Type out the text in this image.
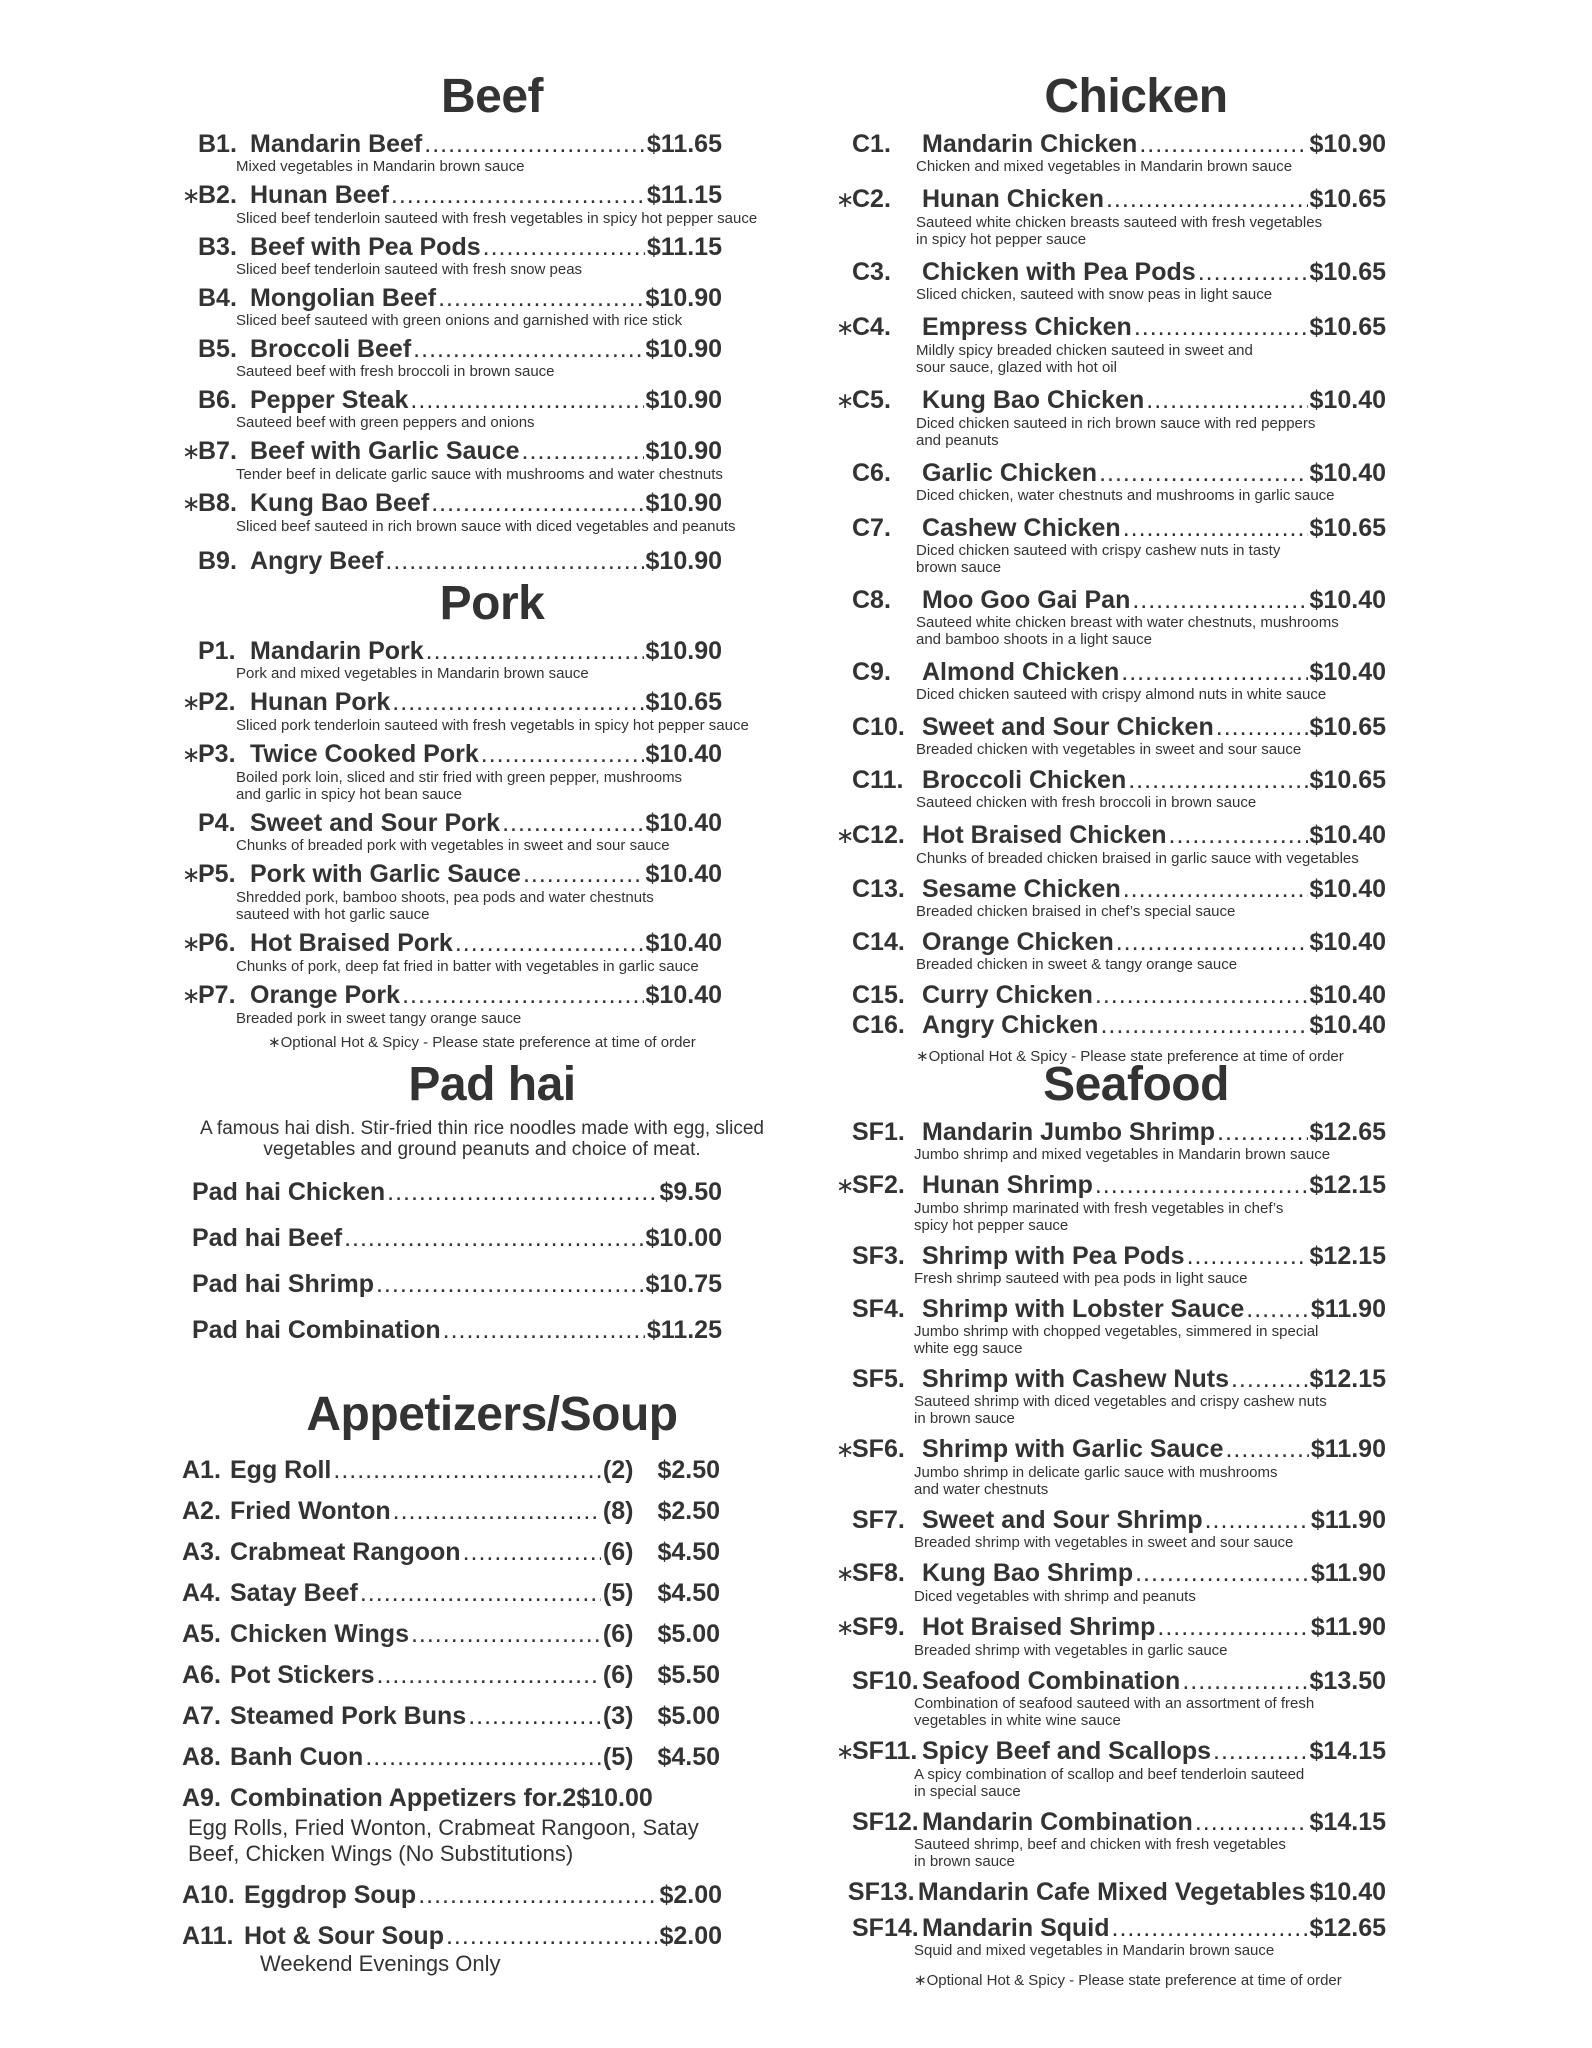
Beef
B1. Mandarin Beef .....	$11.65
Mixed vegetables in Mandarin brown sauce
∗
B2. Hunan Beef .....	$11.15
Sliced beef tenderloin sauteed with fresh vegetables in spicy hot pepper sauce
B3. Beef with Pea Pods .....	$11.15
Sliced beef tenderloin sauteed with fresh snow peas
B4. Mongolian Beef .....	$10.90
Sliced beef sauteed with green onions and garnished with rice stick
B5. Broccoli Beef .....	$10.90
Sauteed beef with fresh broccoli in brown sauce
B6. Pepper Steak .....	$10.90
Sauteed beef with green peppers and onions
∗
B7. Beef with Garlic Sauce .....	$10.90
Tender beef in delicate garlic sauce with mushrooms and water chestnuts
∗
B8. Kung Bao Beef .....	$10.90
Sliced beef sauteed in rich brown sauce with diced vegetables and peanuts
B9. Angry Beef .....	$10.90
Pork
P1. Mandarin Pork .....	$10.90
Pork and mixed vegetables in Mandarin brown sauce
∗
P2. Hunan Pork .....	$10.65
Sliced pork tenderloin sauteed with fresh vegetabls in spicy hot pepper sauce
∗
P3. Twice Cooked Pork .....	$10.40
Boiled pork loin, sliced and stir fried with green pepper, mushrooms
and garlic in spicy hot bean sauce
P4. Sweet and Sour Pork .....	$10.40
Chunks of breaded pork with vegetables in sweet and sour sauce
∗
P5. Pork with Garlic Sauce .....	$10.40
Shredded pork, bamboo shoots, pea pods and water chestnuts
sauteed with hot garlic sauce
∗
P6. Hot Braised Pork .....	$10.40
Chunks of pork, deep fat fried in batter with vegetables in garlic sauce
∗
P7. Orange Pork .....	$10.40
Breaded pork in sweet tangy orange sauce
∗Optional Hot & Spicy - Please state preference at time of order
Chicken
C1.	Mandarin Chicken .....	$10.90
Chicken and mixed vegetables in Mandarin brown sauce
∗
C2.	Hunan Chicken .....	$10.65
Sauteed white chicken breasts sauteed with fresh vegetables
in spicy hot pepper sauce
C3.	Chicken with Pea Pods .....	$10.65
Sliced chicken, sauteed with snow peas in light sauce
∗
C4.	Empress Chicken .....	$10.65
Mildly spicy breaded chicken sauteed in sweet and
sour sauce, glazed with hot oil
∗
C5.	Kung Bao Chicken .....	$10.40
Diced chicken sauteed in rich brown sauce with red peppers
and peanuts
C6.	Garlic Chicken .....	$10.40
Diced chicken, water chestnuts and mushrooms in garlic sauce
C7.	Cashew Chicken .....	$10.65
Diced chicken sauteed with crispy cashew nuts in tasty
brown sauce
C8.	Moo Goo Gai Pan .....	$10.40
Sauteed white chicken breast with water chestnuts, mushrooms
and bamboo shoots in a light sauce
C9.	Almond Chicken .....	$10.40
Diced chicken sauteed with crispy almond nuts in white sauce
C10. Sweet and Sour Chicken .....	$10.65
Breaded chicken with vegetables in sweet and sour sauce
C11. Broccoli Chicken .....	$10.65
Sauteed chicken with fresh broccoli in brown sauce
∗
C12. Hot Braised Chicken .....	$10.40
Chunks of breaded chicken braised in garlic sauce with vegetables
C13. Sesame Chicken .....	$10.40
Breaded chicken braised in chef’s special sauce
C14. Orange Chicken .....	$10.40
Breaded chicken in sweet & tangy orange sauce
C15. Curry Chicken .....	$10.40
C16. Angry Chicken .....	$10.40
∗Optional Hot & Spicy - Please state preference at time of order
Pad hai
A famous hai dish. Stir-fried thin rice noodles made with egg, sliced vegetables and ground peanuts and choice of meat.
Pad hai Chicken .....	$9.50
Pad hai Beef .....	$10.00
Pad hai Shrimp .....	$10.75
Pad hai Combination .....	$11.25
Appetizers/Soup
A1. Egg Roll .....	(2) $2.50
A2. Fried Wonton .....	(8) $2.50
A3. Crabmeat Rangoon .....	(6) $4.50
A4. Satay Beef .....	(5) $4.50
A5. Chicken Wings .....	(6) $5.00
A6. Pot Stickers .....	(6) $5.50
A7. Steamed Pork Buns .....	(3) $5.00
A8. Banh Cuon .....	(5) $4.50
A9. Combination Appetizers for.2 $10.00
Egg Rolls, Fried Wonton, Crabmeat Rangoon, Satay
Beef, Chicken Wings (No Substitutions)
A10. Eggdrop Soup .....	$2.00
A11. Hot & Sour Soup .....	$2.00
Weekend Evenings Only
Seafood
SF1. Mandarin Jumbo Shrimp .....	$12.65
Jumbo shrimp and mixed vegetables in Mandarin brown sauce
∗
SF2. Hunan Shrimp .....	$12.15
Jumbo shrimp marinated with fresh vegetables in chef’s
spicy hot pepper sauce
SF3. Shrimp with Pea Pods .....	$12.15
Fresh shrimp sauteed with pea pods in light sauce
SF4. Shrimp with Lobster Sauce .....	$11.90
Jumbo shrimp with chopped vegetables, simmered in special
white egg sauce
SF5. Shrimp with Cashew Nuts .....	$12.15
Sauteed shrimp with diced vegetables and crispy cashew nuts
in brown sauce
∗
SF6. Shrimp with Garlic Sauce .....	$11.90
Jumbo shrimp in delicate garlic sauce with mushrooms
and water chestnuts
SF7. Sweet and Sour Shrimp .....	$11.90
Breaded shrimp with vegetables in sweet and sour sauce
∗
SF8. Kung Bao Shrimp .....	$11.90
Diced vegetables with shrimp and peanuts
∗
SF9. Hot Braised Shrimp .....	$11.90
Breaded shrimp with vegetables in garlic sauce
SF10. Seafood Combination .....	$13.50
Combination of seafood sauteed with an assortment of fresh
vegetables in white wine sauce
∗
SF11. Spicy Beef and Scallops .....	$14.15
A spicy combination of scallop and beef tenderloin sauteed
in special sauce
SF12. Mandarin Combination .....	$14.15
Sauteed shrimp, beef and chicken with fresh vegetables
in brown sauce
SF13. Mandarin Cafe Mixed Vegetables $10.40
SF14. Mandarin Squid .....	$12.65
Squid and mixed vegetables in Mandarin brown sauce
∗Optional Hot & Spicy - Please state preference at time of order
